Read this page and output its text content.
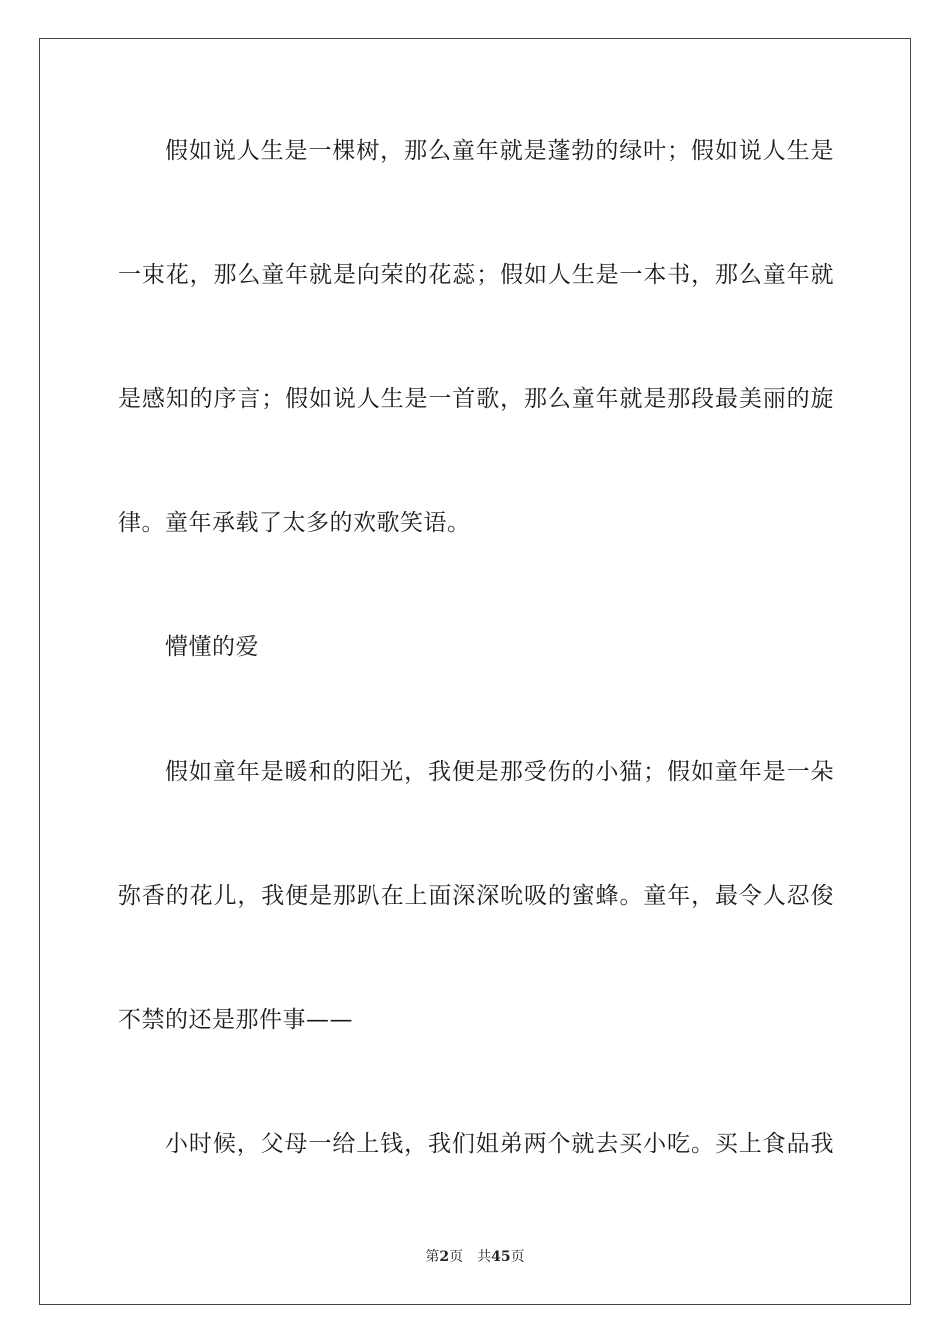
假如说人生是一棵树，那么童年就是蓬勃的绿叶；假如说人生是
一束花，那么童年就是向荣的花蕊；假如人生是一本书，那么童年就
是感知的序言；假如说人生是一首歌，那么童年就是那段最美丽的旋
律。童年承载了太多的欢歌笑语。
懵懂的爱
假如童年是暖和的阳光，我便是那受伤的小猫；假如童年是一朵
弥香的花儿，我便是那趴在上面深深吮吸的蜜蜂。童年，最令人忍俊
不禁的还是那件事——
小时候，父母一给上钱，我们姐弟两个就去买小吃。买上食品我
第2页 共45页
